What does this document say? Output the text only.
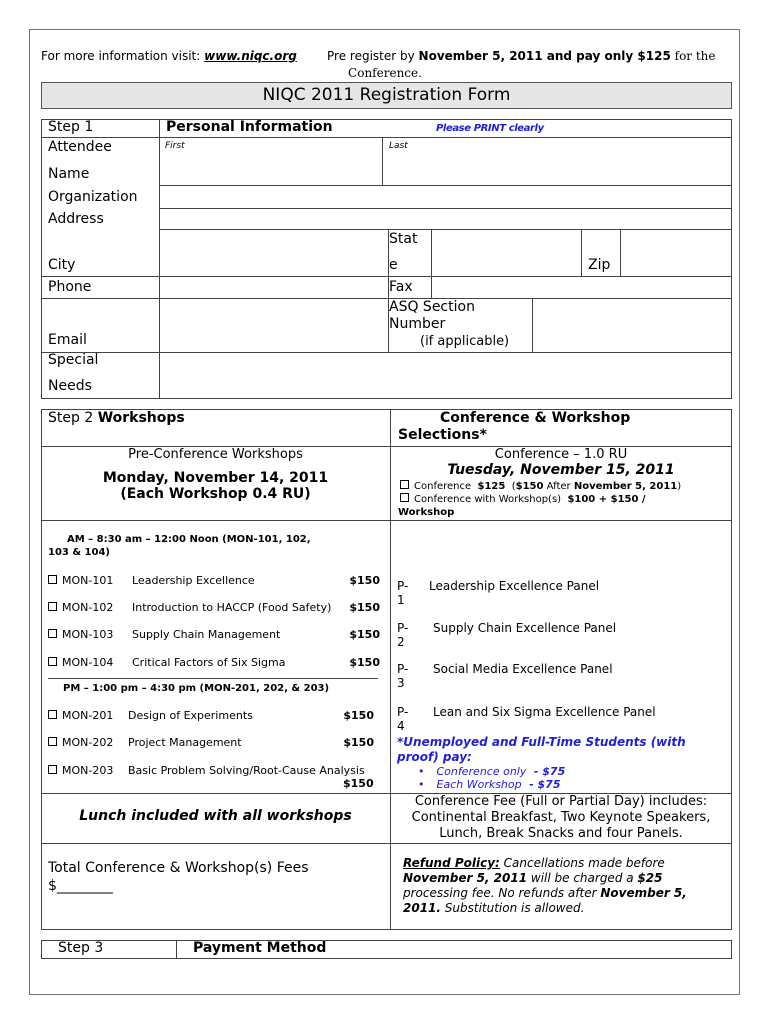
For more information visit: www.niqc.org	Pre register by November 5, 2011 and pay only $125 for the
Conference.
NIQC 2011 Registration Form
Step 1	Personal Information	Please PRINT clearly
First	Last
Attendee
Name
Organization
Address
City
Stat
e	Zip
Phone	Fax
ASQ Section
Number
(if applicable)
Email
Special
Needs
Step 2 Workshops	Conference & Workshop
Selections*
Pre-Conference Workshops
Monday, November 14, 2011
(Each Workshop 0.4 RU)
Conference – 1.0 RU
Tuesday, November 15, 2011
Conference $125 ($150 After November 5, 2011)
Conference with Workshop(s) $100 + $150 /
Workshop
AM – 8:30 am – 12:00 Noon (MON-101, 102,
103 & 104)
MON-101 Leadership Excellence	$150
MON-102 Introduction to HACCP (Food Safety) $150
MON-103 Supply Chain Management	$150
MON-104 Critical Factors of Six Sigma	$150
PM – 1:00 pm – 4:30 pm (MON-201, 202, & 203)
MON-201 Design of Experiments	$150
MON-202 Project Management	$150
MON-203 Basic Problem Solving/Root-Cause Analysis
$150
P-1
Leadership Excellence Panel
P-2
Supply Chain Excellence Panel
P-3
Social Media Excellence Panel
P-4
Lean and Six Sigma Excellence Panel
*Unemployed and Full-Time Students (with
proof) pay:
• Conference only - $75
• Each Workshop - $75
Lunch included with all workshops
Conference Fee (Full or Partial Day) includes:
Continental Breakfast, Two Keynote Speakers,
Lunch, Break Snacks and four Panels.
Total Conference & Workshop(s) Fees
$________
Refund Policy: Cancellations made before
November 5, 2011 will be charged a $25
processing fee. No refunds after November 5,
2011. Substitution is allowed.
Step 3	Payment Method
